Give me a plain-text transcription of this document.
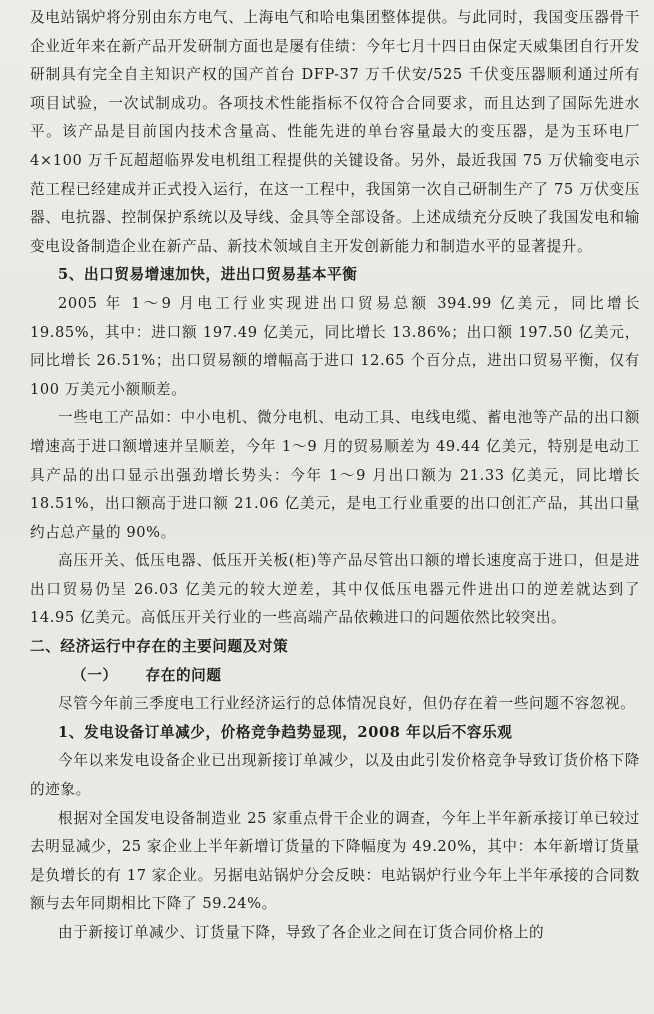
及电站锅炉将分别由东方电气、上海电气和哈电集团整体提供。与此同时，我国变压器骨干企业近年来在新产品开发研制方面也是屡有佳绩：今年七月十四日由保定天威集团自行开发研制具有完全自主知识产权的国产首台 DFP-37 万千伏安/525 千伏变压器顺利通过所有项目试验，一次试制成功。各项技术性能指标不仅符合合同要求，而且达到了国际先进水平。该产品是目前国内技术含量高、性能先进的单台容量最大的变压器，是为玉环电厂 4×100 万千瓦超超临界发电机组工程提供的关键设备。另外，最近我国 75 万伏输变电示范工程已经建成并正式投入运行，在这一工程中，我国第一次自己研制生产了 75 万伏变压器、电抗器、控制保护系统以及导线、金具等全部设备。上述成绩充分反映了我国发电和输变电设备制造企业在新产品、新技术领域自主开发创新能力和制造水平的显著提升。

5、出口贸易增速加快，进出口贸易基本平衡

2005 年 1～9 月电工行业实现进出口贸易总额 394.99 亿美元，同比增长 19.85%，其中：进口额 197.49 亿美元，同比增长 13.86%；出口额 197.50 亿美元，同比增长 26.51%；出口贸易额的增幅高于进口 12.65 个百分点，进出口贸易平衡，仅有 100 万美元小额顺差。

一些电工产品如：中小电机、微分电机、电动工具、电线电缆、蓄电池等产品的出口额增速高于进口额增速并呈顺差，今年 1～9 月的贸易顺差为 49.44 亿美元，特别是电动工具产品的出口显示出强劲增长势头：今年 1～9 月出口额为 21.33 亿美元，同比增长 18.51%，出口额高于进口额 21.06 亿美元，是电工行业重要的出口创汇产品，其出口量约占总产量的 90%。

高压开关、低压电器、低压开关板(柜)等产品尽管出口额的增长速度高于进口，但是进出口贸易仍呈 26.03 亿美元的较大逆差，其中仅低压电器元件进出口的逆差就达到了 14.95 亿美元。高低压开关行业的一些高端产品依赖进口的问题依然比较突出。

二、经济运行中存在的主要问题及对策

（一） 存在的问题

尽管今年前三季度电工行业经济运行的总体情况良好，但仍存在着一些问题不容忽视。

1、发电设备订单减少，价格竞争趋势显现，2008 年以后不容乐观

今年以来发电设备企业已出现新接订单减少，以及由此引发价格竞争导致订货价格下降的迹象。

根据对全国发电设备制造业 25 家重点骨干企业的调查，今年上半年新承接订单已较过去明显减少，25 家企业上半年新增订货量的下降幅度为 49.20%，其中：本年新增订货量是负增长的有 17 家企业。另据电站锅炉分会反映：电站锅炉行业今年上半年承接的合同数额与去年同期相比下降了 59.24%。

由于新接订单减少、订货量下降，导致了各企业之间在订货合同价格上的
